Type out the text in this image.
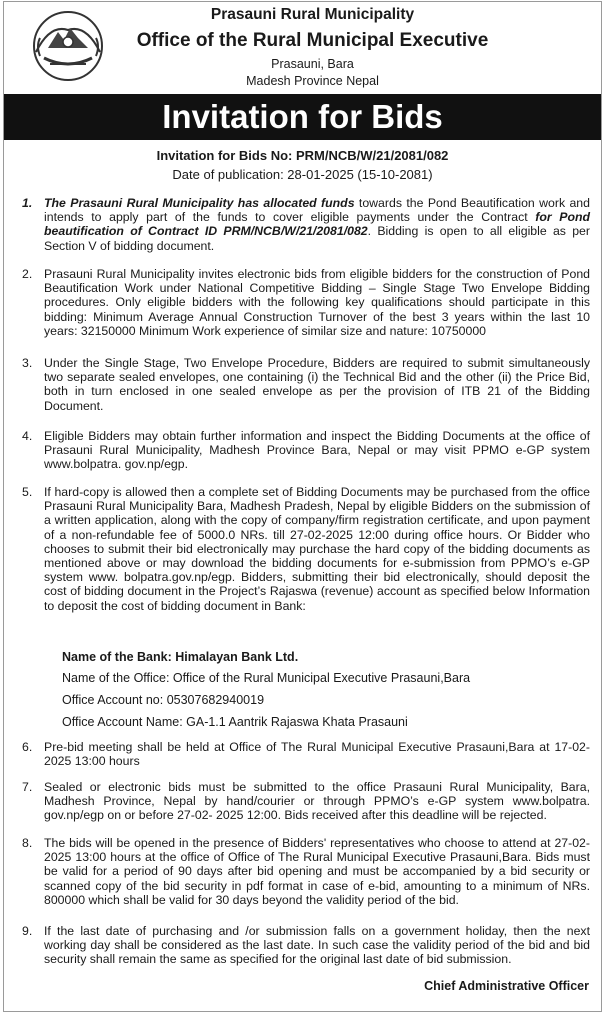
Prasauni Rural Municipality
Office of the Rural Municipal Executive
Prasauni, Bara
Madesh Province Nepal
Invitation for Bids
Invitation for Bids No: PRM/NCB/W/21/2081/082
Date of publication: 28-01-2025 (15-10-2081)
1. The Prasauni Rural Municipality has allocated funds towards the Pond Beautification work and intends to apply part of the funds to cover eligible payments under the Contract for Pond beautification of Contract ID PRM/NCB/W/21/2081/082. Bidding is open to all eligible as per Section V of bidding document.
2. Prasauni Rural Municipality invites electronic bids from eligible bidders for the construction of Pond Beautification Work under National Competitive Bidding – Single Stage Two Envelope Bidding procedures. Only eligible bidders with the following key qualifications should participate in this bidding: Minimum Average Annual Construction Turnover of the best 3 years within the last 10 years: 32150000 Minimum Work experience of similar size and nature: 10750000
3. Under the Single Stage, Two Envelope Procedure, Bidders are required to submit simultaneously two separate sealed envelopes, one containing (i) the Technical Bid and the other (ii) the Price Bid, both in turn enclosed in one sealed envelope as per the provision of ITB 21 of the Bidding Document.
4. Eligible Bidders may obtain further information and inspect the Bidding Documents at the office of Prasauni Rural Municipality, Madhesh Province Bara, Nepal or may visit PPMO e-GP system www.bolpatra. gov.np/egp.
5. If hard-copy is allowed then a complete set of Bidding Documents may be purchased from the office Prasauni Rural Municipality Bara, Madhesh Pradesh, Nepal by eligible Bidders on the submission of a written application, along with the copy of company/firm registration certificate, and upon payment of a non-refundable fee of 5000.0 NRs. till 27-02-2025 12:00 during office hours. Or Bidder who chooses to submit their bid electronically may purchase the hard copy of the bidding documents as mentioned above or may download the bidding documents for e-submission from PPMO’s e-GP system www. bolpatra.gov.np/egp. Bidders, submitting their bid electronically, should deposit the cost of bidding document in the Project’s Rajaswa (revenue) account as specified below Information to deposit the cost of bidding document in Bank:
Name of the Bank: Himalayan Bank Ltd.
Name of the Office: Office of the Rural Municipal Executive Prasauni,Bara
Office Account no: 05307682940019
Office Account Name: GA-1.1 Aantrik Rajaswa Khata Prasauni
6. Pre-bid meeting shall be held at Office of The Rural Municipal Executive Prasauni,Bara at 17-02-2025 13:00 hours
7. Sealed or electronic bids must be submitted to the office Prasauni Rural Municipality, Bara, Madhesh Province, Nepal by hand/courier or through PPMO’s e-GP system www.bolpatra. gov.np/egp on or before 27-02- 2025 12:00. Bids received after this deadline will be rejected.
8. The bids will be opened in the presence of Bidders' representatives who choose to attend at 27-02-2025 13:00 hours at the office of Office of The Rural Municipal Executive Prasauni,Bara. Bids must be valid for a period of 90 days after bid opening and must be accompanied by a bid security or scanned copy of the bid security in pdf format in case of e-bid, amounting to a minimum of NRs. 800000 which shall be valid for 30 days beyond the validity period of the bid.
9. If the last date of purchasing and /or submission falls on a government holiday, then the next working day shall be considered as the last date. In such case the validity period of the bid and bid security shall remain the same as specified for the original last date of bid submission.
Chief Administrative Officer
